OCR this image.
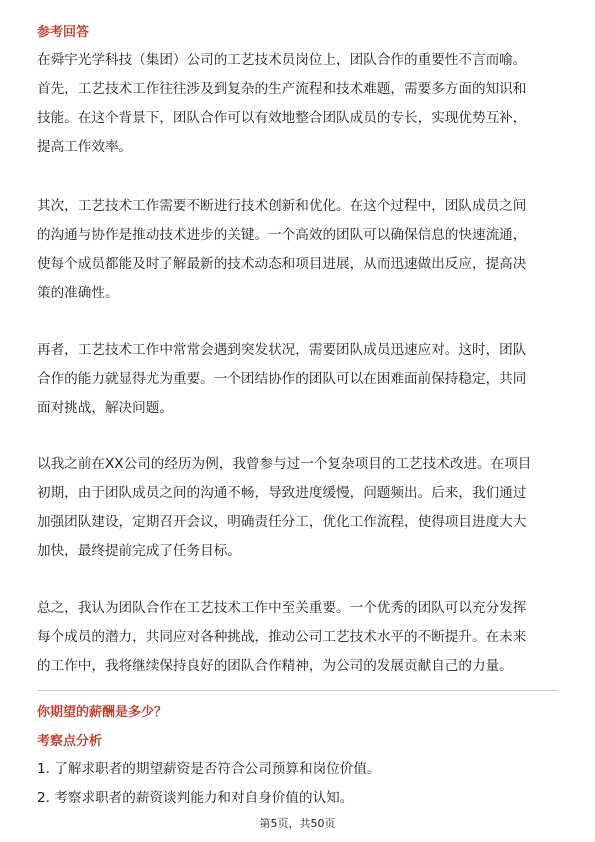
参考回答
在舜宇光学科技（集团）公司的工艺技术员岗位上，团队合作的重要性不言而喻。
首先，工艺技术工作往往涉及到复杂的生产流程和技术难题，需要多方面的知识和
技能。在这个背景下，团队合作可以有效地整合团队成员的专长，实现优势互补，
提高工作效率。
其次，工艺技术工作需要不断进行技术创新和优化。在这个过程中，团队成员之间
的沟通与协作是推动技术进步的关键。一个高效的团队可以确保信息的快速流通，
使每个成员都能及时了解最新的技术动态和项目进展，从而迅速做出反应，提高决
策的准确性。
再者，工艺技术工作中常常会遇到突发状况，需要团队成员迅速应对。这时，团队
合作的能力就显得尤为重要。一个团结协作的团队可以在困难面前保持稳定，共同
面对挑战，解决问题。
以我之前在XX公司的经历为例，我曾参与过一个复杂项目的工艺技术改进。在项目
初期，由于团队成员之间的沟通不畅，导致进度缓慢，问题频出。后来，我们通过
加强团队建设，定期召开会议，明确责任分工，优化工作流程，使得项目进度大大
加快，最终提前完成了任务目标。
总之，我认为团队合作在工艺技术工作中至关重要。一个优秀的团队可以充分发挥
每个成员的潜力，共同应对各种挑战，推动公司工艺技术水平的不断提升。在未来
的工作中，我将继续保持良好的团队合作精神，为公司的发展贡献自己的力量。
你期望的薪酬是多少？
考察点分析
1. 了解求职者的期望薪资是否符合公司预算和岗位价值。
2. 考察求职者的薪资谈判能力和对自身价值的认知。
第5页，共50页
